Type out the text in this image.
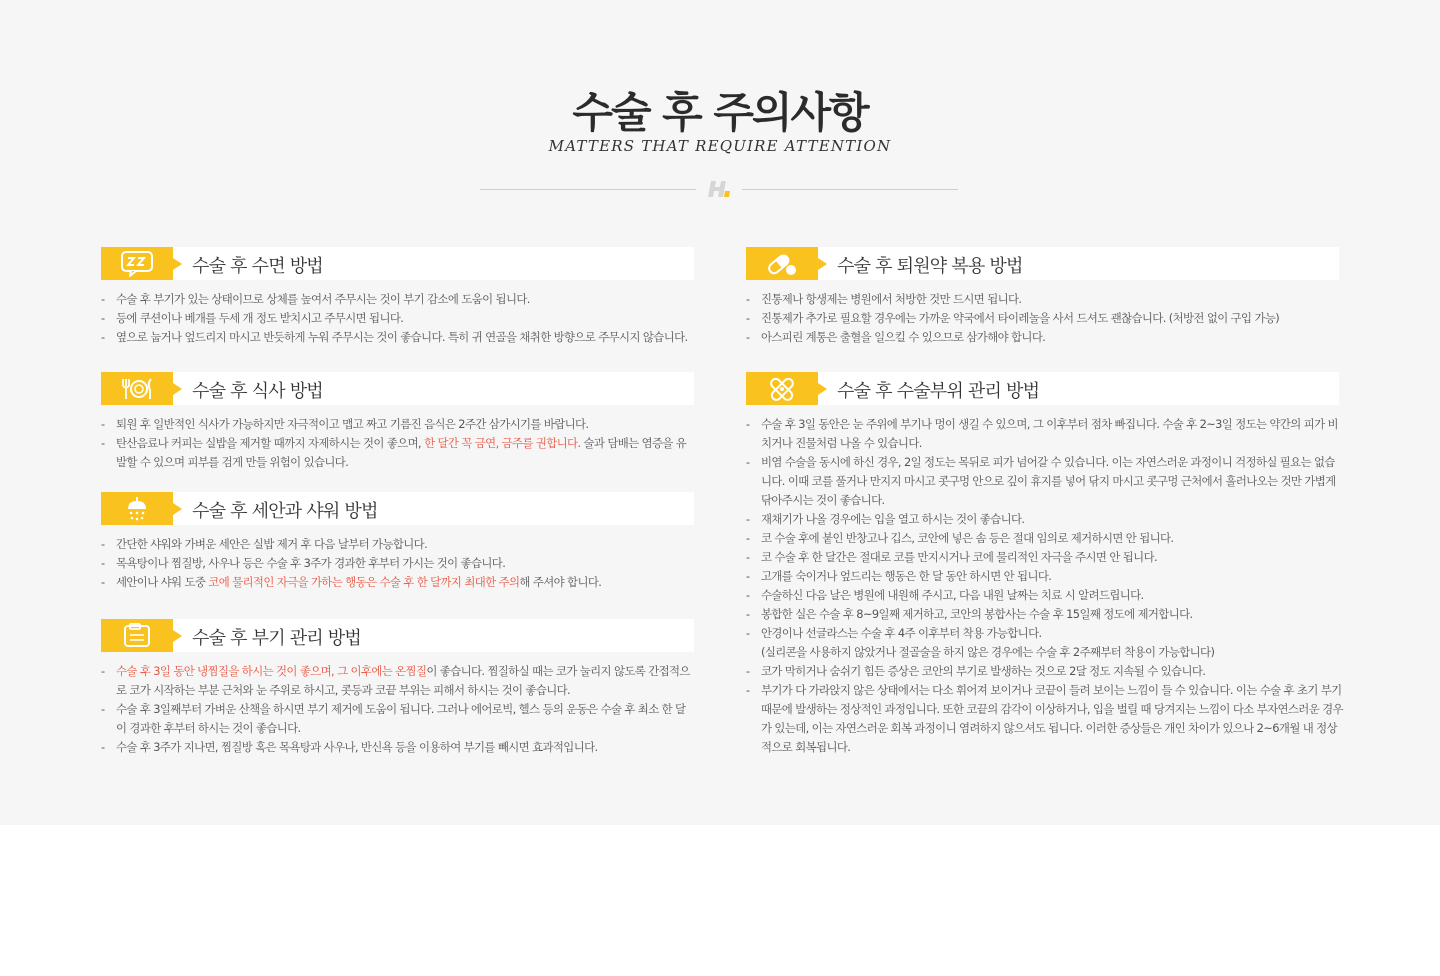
수술 후 주의사항
MATTERS THAT REQUIRE ATTENTION
수술 후 수면 방법
- 수술 후 부기가 있는 상태이므로 상체를 높여서 주무시는 것이 부기 감소에 도움이 됩니다.
- 등에 쿠션이나 베개를 두세 개 정도 받치시고 주무시면 됩니다.
- 옆으로 눕거나 엎드리지 마시고 반듯하게 누워 주무시는 것이 좋습니다. 특히 귀 연골을 채취한 방향으로 주무시지 않습니다.
수술 후 식사 방법
- 퇴원 후 일반적인 식사가 가능하지만 자극적이고 맵고 짜고 기름진 음식은 2주간 삼가시기를 바랍니다.
- 탄산음료나 커피는 실밥을 제거할 때까지 자제하시는 것이 좋으며, 한 달간 꼭 금연, 금주를 권합니다. 술과 담배는 염증을 유발할 수 있으며 피부를 검게 만들 위험이 있습니다.
수술 후 세안과 샤워 방법
- 간단한 샤워와 가벼운 세안은 실밥 제거 후 다음 날부터 가능합니다.
- 목욕탕이나 찜질방, 사우나 등은 수술 후 3주가 경과한 후부터 가시는 것이 좋습니다.
- 세안이나 샤워 도중 코에 물리적인 자극을 가하는 행동은 수술 후 한 달까지 최대한 주의해 주셔야 합니다.
수술 후 부기 관리 방법
- 수술 후 3일 동안 냉찜질을 하시는 것이 좋으며, 그 이후에는 온찜질이 좋습니다. 찜질하실 때는 코가 눌리지 않도록 간접적으로 코가 시작하는 부분 근처와 눈 주위로 하시고, 콧등과 코끝 부위는 피해서 하시는 것이 좋습니다.
- 수술 후 3일째부터 가벼운 산책을 하시면 부기 제거에 도움이 됩니다. 그러나 에어로빅, 헬스 등의 운동은 수술 후 최소 한 달이 경과한 후부터 하시는 것이 좋습니다.
- 수술 후 3주가 지나면, 찜질방 혹은 목욕탕과 사우나, 반신욕 등을 이용하여 부기를 빼시면 효과적입니다.
수술 후 퇴원약 복용 방법
- 진통제나 항생제는 병원에서 처방한 것만 드시면 됩니다.
- 진통제가 추가로 필요할 경우에는 가까운 약국에서 타이레놀을 사서 드셔도 괜찮습니다. (처방전 없이 구입 가능)
- 아스피린 계통은 출혈을 일으킬 수 있으므로 삼가해야 합니다.
수술 후 수술부위 관리 방법
- 수술 후 3일 동안은 눈 주위에 부기나 멍이 생길 수 있으며, 그 이후부터 점차 빠집니다. 수술 후 2~3일 정도는 약간의 피가 비치거나 진물처럼 나올 수 있습니다.
- 비염 수술을 동시에 하신 경우, 2일 정도는 목뒤로 피가 넘어갈 수 있습니다. 이는 자연스러운 과정이니 걱정하실 필요는 없습니다. 이때 코를 풀거나 만지지 마시고 콧구멍 안으로 깊이 휴지를 넣어 닦지 마시고 콧구멍 근처에서 흘러나오는 것만 가볍게 닦아주시는 것이 좋습니다.
- 재채기가 나올 경우에는 입을 열고 하시는 것이 좋습니다.
- 코 수술 후에 붙인 반창고나 깁스, 코안에 넣은 솜 등은 절대 임의로 제거하시면 안 됩니다.
- 코 수술 후 한 달간은 절대로 코를 만지시거나 코에 물리적인 자극을 주시면 안 됩니다.
- 고개를 숙이거나 엎드리는 행동은 한 달 동안 하시면 안 됩니다.
- 수술하신 다음 날은 병원에 내원해 주시고, 다음 내원 날짜는 치료 시 알려드립니다.
- 봉합한 실은 수술 후 8~9일째 제거하고, 코안의 봉합사는 수술 후 15일째 정도에 제거합니다.
- 안경이나 선글라스는 수술 후 4주 이후부터 착용 가능합니다.
(실리콘을 사용하지 않았거나 절골술을 하지 않은 경우에는 수술 후 2주째부터 착용이 가능합니다)
- 코가 막히거나 숨쉬기 힘든 증상은 코안의 부기로 발생하는 것으로 2달 정도 지속될 수 있습니다.
- 부기가 다 가라앉지 않은 상태에서는 다소 휘어져 보이거나 코끝이 들려 보이는 느낌이 들 수 있습니다. 이는 수술 후 초기 부기 때문에 발생하는 정상적인 과정입니다. 또한 코끝의 감각이 이상하거나, 입을 벌릴 때 당겨지는 느낌이 다소 부자연스러운 경우가 있는데, 이는 자연스러운 회복 과정이니 염려하지 않으셔도 됩니다. 이러한 증상들은 개인 차이가 있으나 2~6개월 내 정상적으로 회복됩니다.
